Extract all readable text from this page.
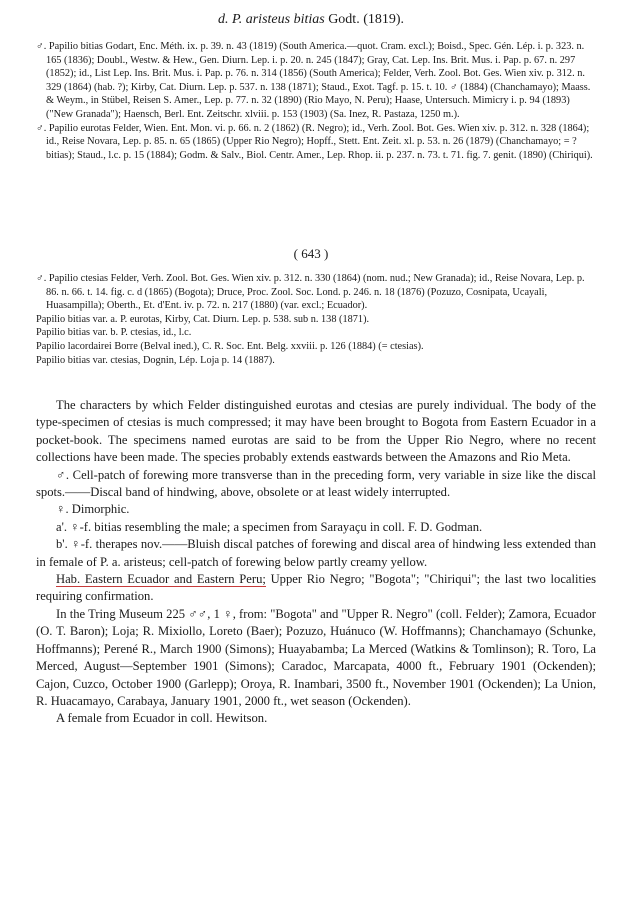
d. P. aristeus bitias Godt. (1819).

♂. Papilio bitias Godart, Enc. Méth. ix. p. 39. n. 43 (1819) (South America.—quot. Cram. excl.); Boisd., Spec. Gén. Lép. i. p. 323. n. 165 (1836); Doubl., Westw. & Hew., Gen. Diurn. Lep. i. p. 20. n. 245 (1847); Gray, Cat. Lep. Ins. Brit. Mus. i. Pap. p. 67. n. 297 (1852); id., List Lep. Ins. Brit. Mus. i. Pap. p. 76. n. 314 (1856) (South America); Felder, Verh. Zool. Bot. Ges. Wien xiv. p. 312. n. 329 (1864) (hab. ?); Kirby, Cat. Diurn. Lep. p. 537. n. 138 (1871); Staud., Exot. Tagf. p. 15. t. 10. ♂ (1884) (Chanchamayo); Maass. & Weym., in Stübel, Reisen S. Amer., Lep. p. 77. n. 32 (1890) (Rio Mayo, N. Peru); Haase, Untersuch. Mimicry i. p. 94 (1893) ("New Granada"); Haensch, Berl. Ent. Zeitschr. xlviii. p. 153 (1903) (Sa. Inez, R. Pastaza, 1250 m.).

♂. Papilio eurotas Felder, Wien. Ent. Mon. vi. p. 66. n. 2 (1862) (R. Negro); id., Verh. Zool. Bot. Ges. Wien xiv. p. 312. n. 328 (1864); id., Reise Novara, Lep. p. 85. n. 65 (1865) (Upper Rio Negro); Hopff., Stett. Ent. Zeit. xl. p. 53. n. 26 (1879) (Chanchamayo; = ? bitias); Staud., l.c. p. 15 (1884); Godm. & Salv., Biol. Centr. Amer., Lep. Rhop. ii. p. 237. n. 73. t. 71. fig. 7. genit. (1890) (Chiriqui).

( 643 )

♂. Papilio ctesias Felder, Verh. Zool. Bot. Ges. Wien xiv. p. 312. n. 330 (1864) (nom. nud.; New Granada); id., Reise Novara, Lep. p. 86. n. 66. t. 14. fig. c. d (1865) (Bogota); Druce, Proc. Zool. Soc. Lond. p. 246. n. 18 (1876) (Pozuzo, Cosnipata, Ucayali, Huasampilla); Oberth., Et. d'Ent. iv. p. 72. n. 217 (1880) (var. excl.; Ecuador).

Papilio bitias var. a. P. eurotas, Kirby, Cat. Diurn. Lep. p. 538. sub n. 138 (1871).

Papilio bitias var. b. P. ctesias, id., l.c.

Papilio lacordairei Borre (Belval ined.), C. R. Soc. Ent. Belg. xxviii. p. 126 (1884) (= ctesias).

Papilio bitias var. ctesias, Dognin, Lép. Loja p. 14 (1887).

The characters by which Felder distinguished eurotas and ctesias are purely individual. The body of the type-specimen of ctesias is much compressed; it may have been brought to Bogota from Eastern Ecuador in a pocket-book. The specimens named eurotas are said to be from the Upper Rio Negro, where no recent collections have been made. The species probably extends eastwards between the Amazons and Rio Meta.

♂. Cell-patch of forewing more transverse than in the preceding form, very variable in size like the discal spots.——Discal band of hindwing, above, obsolete or at least widely interrupted.

♀. Dimorphic.

a'. ♀-f. bitias resembling the male; a specimen from Sarayaçu in coll. F. D. Godman.

b'. ♀-f. therapes nov.——Bluish discal patches of forewing and discal area of hindwing less extended than in female of P. a. aristeus; cell-patch of forewing below partly creamy yellow.

Hab. Eastern Ecuador and Eastern Peru; Upper Rio Negro; "Bogota"; "Chiriqui"; the last two localities requiring confirmation.

In the Tring Museum 225 ♂♂, 1 ♀, from: "Bogota" and "Upper R. Negro" (coll. Felder); Zamora, Ecuador (O. T. Baron); Loja; R. Mixiollo, Loreto (Baer); Pozuzo, Huánuco (W. Hoffmanns); Chanchamayo (Schunke, Hoffmanns); Perené R., March 1900 (Simons); Huayabamba; La Merced (Watkins & Tomlinson); R. Toro, La Merced, August—September 1901 (Simons); Caradoc, Marcapata, 4000 ft., February 1901 (Ockenden); Cajon, Cuzco, October 1900 (Garlepp); Oroya, R. Inambari, 3500 ft., November 1901 (Ockenden); La Union, R. Huacamayo, Carabaya, January 1901, 2000 ft., wet season (Ockenden).

A female from Ecuador in coll. Hewitson.
